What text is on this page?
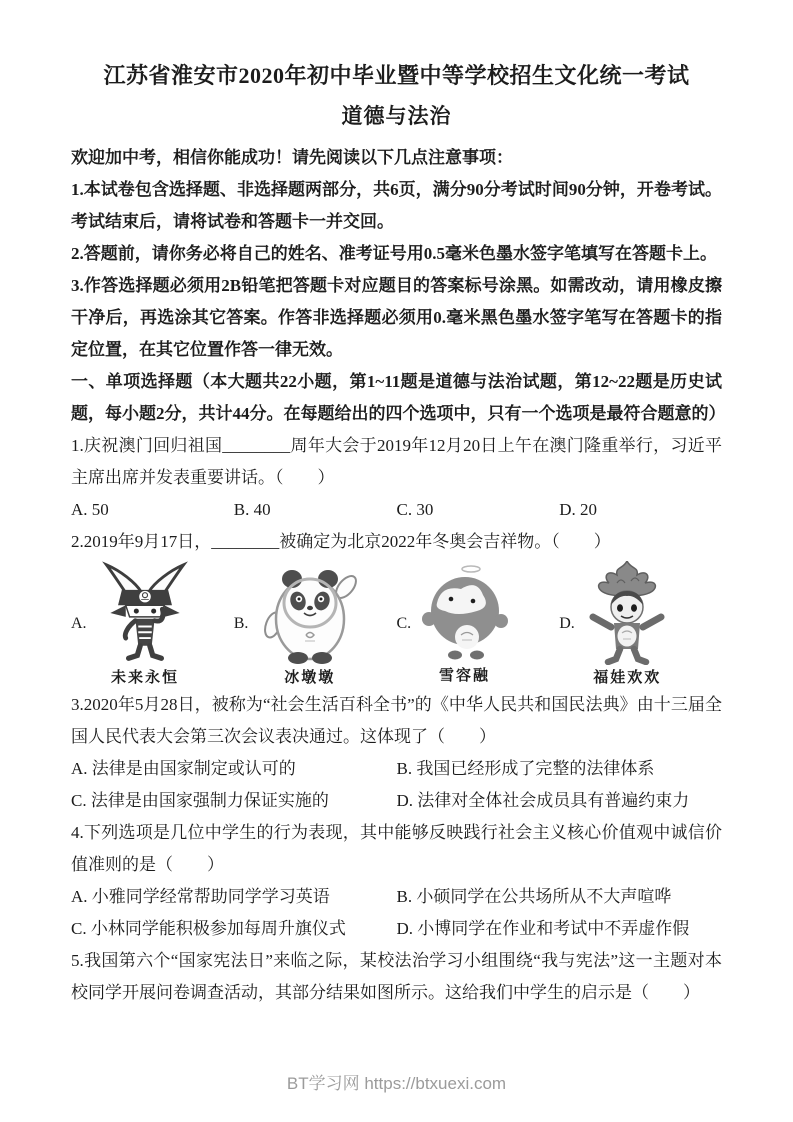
江苏省淮安市2020年初中毕业暨中等学校招生文化统一考试
道德与法治

欢迎加中考，相信你能成功！请先阅读以下几点注意事项：

1.本试卷包含选择题、非选择题两部分，共6页，满分90分考试时间90分钟，开卷考试。考试结束后，请将试卷和答题卡一并交回。

2.答题前，请你务必将自己的姓名、准考证号用0.5毫米色墨水签字笔填写在答题卡上。

3.作答选择题必须用2B铅笔把答题卡对应题目的答案标号涂黑。如需改动，请用橡皮擦干净后，再选涂其它答案。作答非选择题必须用0.毫米黑色墨水签字笔写在答题卡的指定位置，在其它位置作答一律无效。

一、单项选择题（本大题共22小题，第1~11题是道德与法治试题，第12~22题是历史试题，每小题2分，共计44分。在每题给出的四个选项中，只有一个选项是最符合题意的）

1.庆祝澳门回归祖国________周年大会于2019年12月20日上午在澳门隆重举行，习近平主席出席并发表重要讲话。（　　）

A. 50	B. 40	C. 30	D. 20

2.2019年9月17日，________被确定为北京2022年冬奥会吉祥物。（　　）

A.
未来永恒
B.
冰墩墩
C.
雪容融
D.
福娃欢欢

3.2020年5月28日，被称为“社会生活百科全书”的《中华人民共和国民法典》由十三届全国人民代表大会第三次会议表决通过。这体现了（　　）

A. 法律是由国家制定或认可的	B. 我国已经形成了完整的法律体系
C. 法律是由国家强制力保证实施的	D. 法律对全体社会成员具有普遍约束力

4.下列选项是几位中学生的行为表现，其中能够反映践行社会主义核心价值观中诚信价值准则的是（　　）

A. 小雅同学经常帮助同学学习英语	B. 小硕同学在公共场所从不大声喧哗
C. 小林同学能积极参加每周升旗仪式	D. 小博同学在作业和考试中不弄虚作假

5.我国第六个“国家宪法日”来临之际，某校法治学习小组围绕“我与宪法”这一主题对本校同学开展问卷调查活动，其部分结果如图所示。这给我们中学生的启示是（　　）

BT学习网 https://btxuexi.com
